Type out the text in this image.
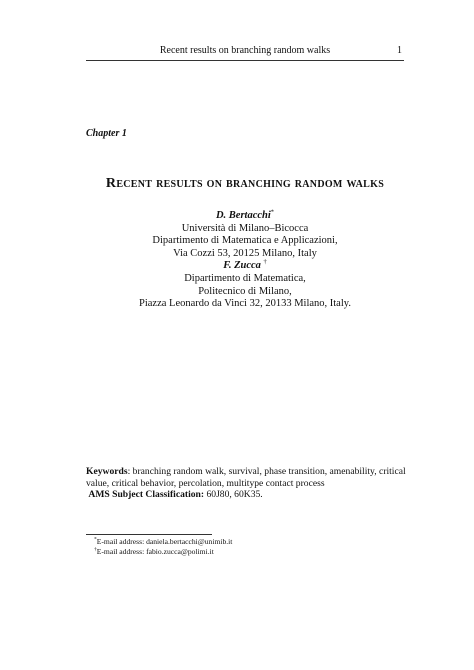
Recent results on branching random walks	1
Chapter 1
Recent results on branching random walks
D. Bertacchi*
Università di Milano–Bicocca
Dipartimento di Matematica e Applicazioni,
Via Cozzi 53, 20125 Milano, Italy
F. Zucca †
Dipartimento di Matematica,
Politecnico di Milano,
Piazza Leonardo da Vinci 32, 20133 Milano, Italy.
Keywords: branching random walk, survival, phase transition, amenability, critical value, critical behavior, percolation, multitype contact process
AMS Subject Classification: 60J80, 60K35.
*E-mail address: daniela.bertacchi@unimib.it
†E-mail address: fabio.zucca@polimi.it
